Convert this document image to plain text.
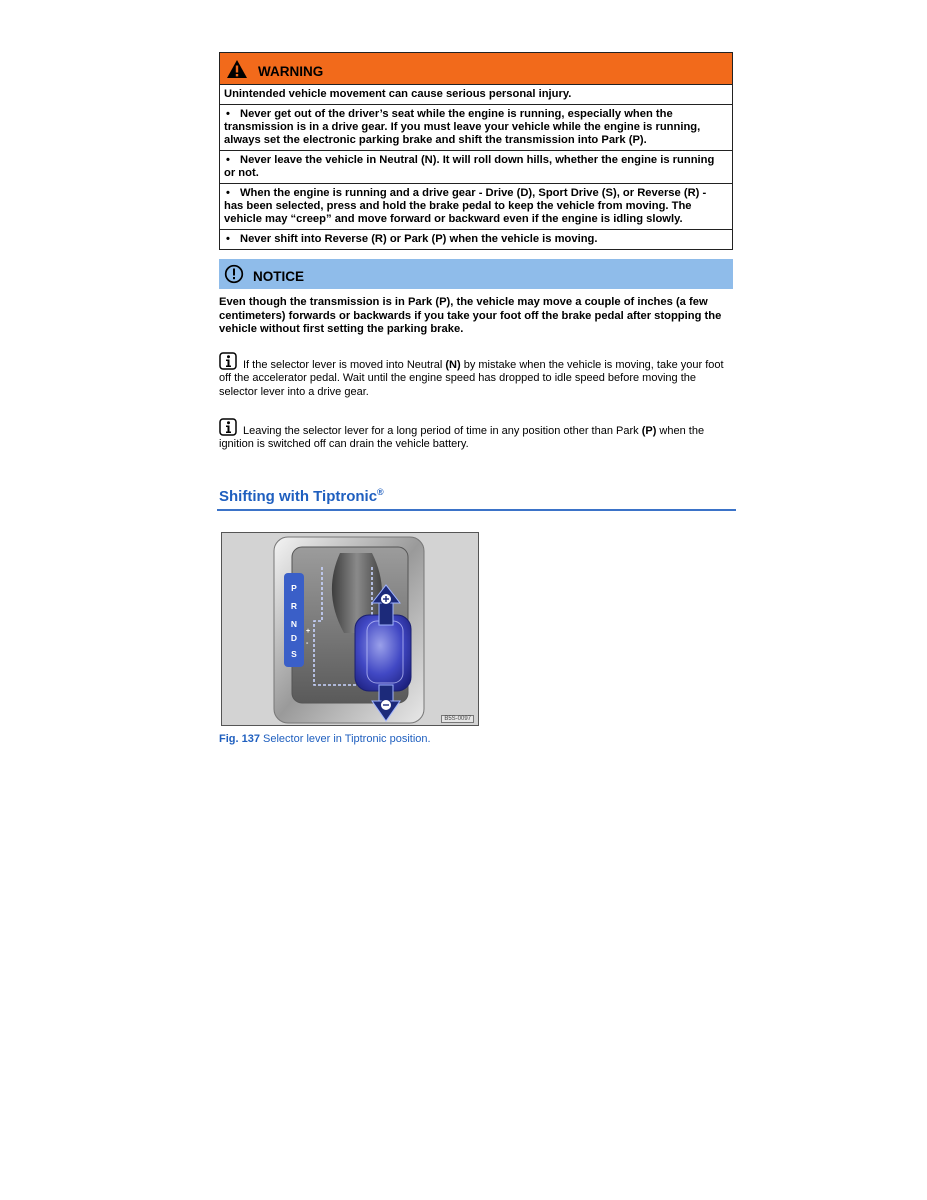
WARNING
Unintended vehicle movement can cause serious personal injury.
• Never get out of the driver’s seat while the engine is running, especially when the transmission is in a drive gear. If you must leave your vehicle while the engine is running, always set the electronic parking brake and shift the transmission into Park (P).
• Never leave the vehicle in Neutral (N). It will roll down hills, whether the engine is running or not.
• When the engine is running and a drive gear - Drive (D), Sport Drive (S), or Reverse (R) - has been selected, press and hold the brake pedal to keep the vehicle from moving. The vehicle may “creep” and move forward or backward even if the engine is idling slowly.
• Never shift into Reverse (R) or Park (P) when the vehicle is moving.
NOTICE
Even though the transmission is in Park (P), the vehicle may move a couple of inches (a few centimeters) forwards or backwards if you take your foot off the brake pedal after stopping the vehicle without first setting the parking brake.
If the selector lever is moved into Neutral (N) by mistake when the vehicle is moving, take your foot off the accelerator pedal. Wait until the engine speed has dropped to idle speed before moving the selector lever into a drive gear.
Leaving the selector lever for a long period of time in any position other than Park (P) when the ignition is switched off can drain the vehicle battery.
Shifting with Tiptronic®
P
R
N
D
S
+
-
B5S-0097
Fig. 137 Selector lever in Tiptronic position.
